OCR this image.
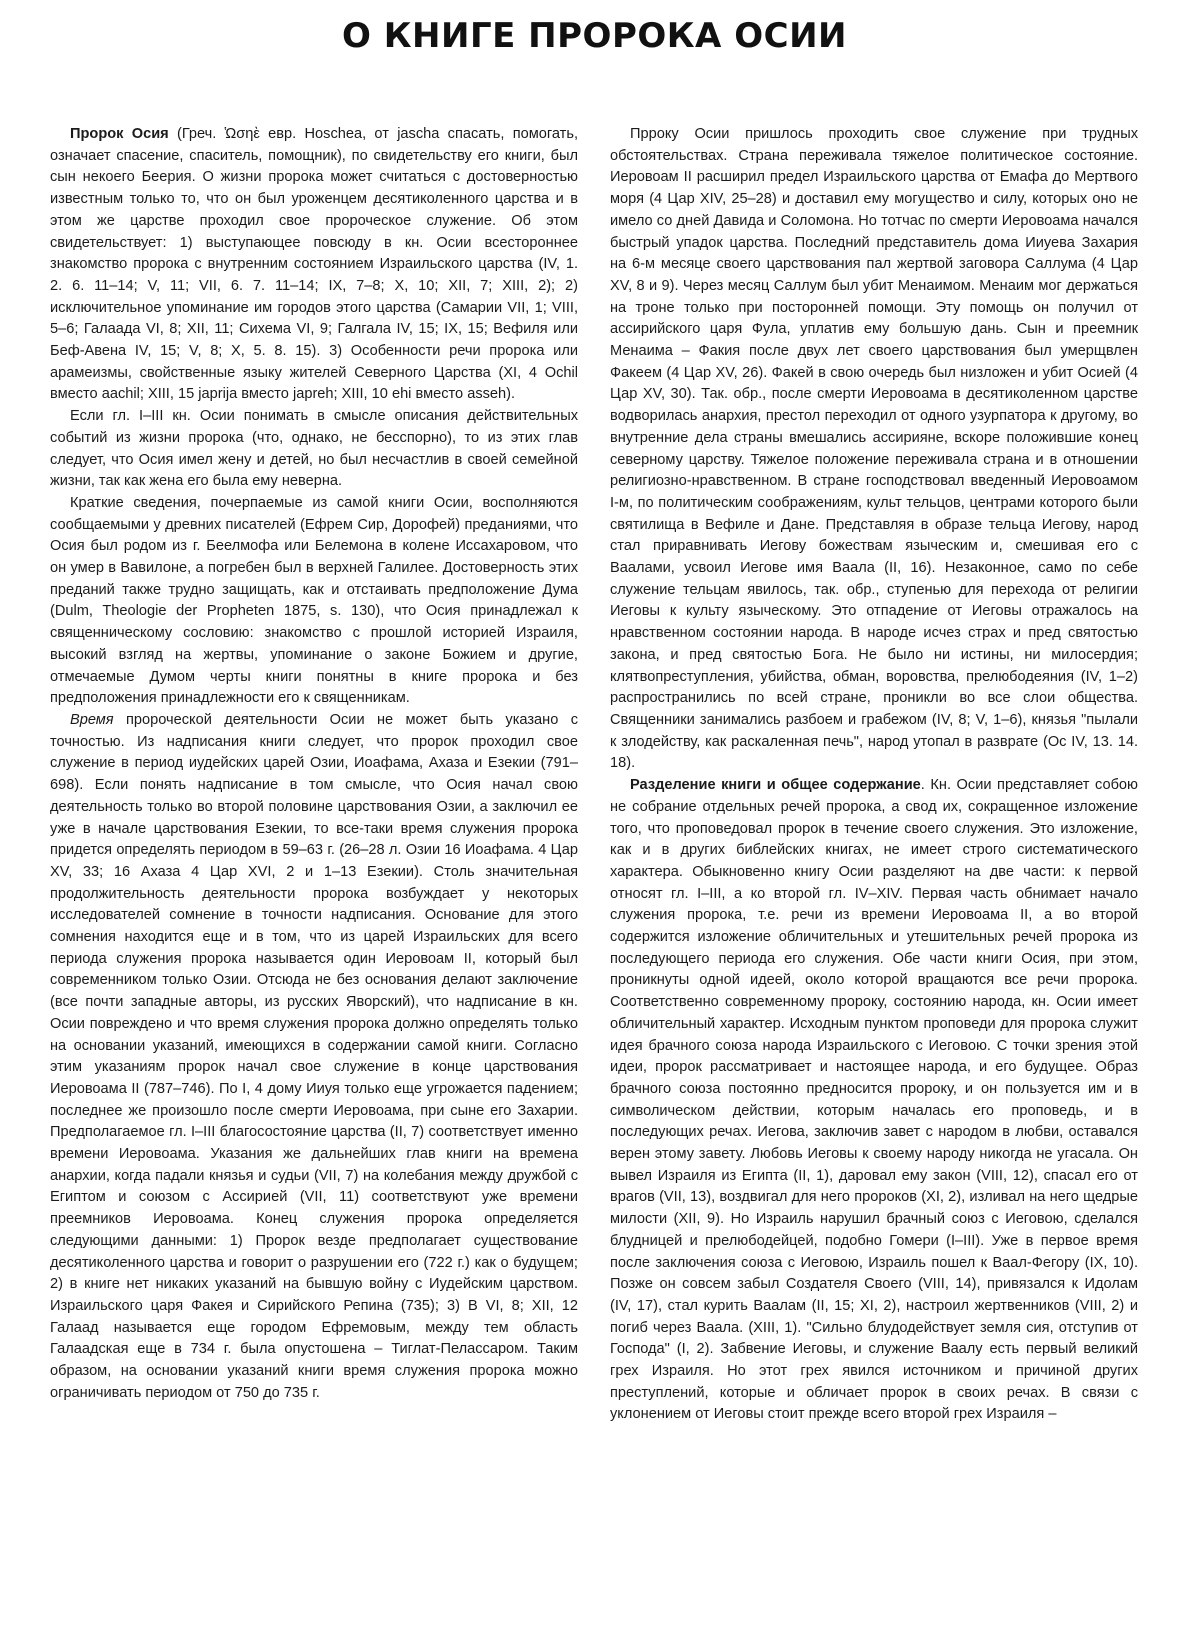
О КНИГЕ ПРОРОКА ОСИИ

Пророк Осия (Греч. Ὡσηὲ евр. Hoschea, от jascha спасать, помогать, означает спасение, спаситель, помощник), по свидетельству его книги, был сын некоего Беерия. О жизни пророка может считаться с достоверностью известным только то, что он был уроженцем десятиколенного царства и в этом же царстве проходил свое пророческое служение. Об этом свидетельствует: 1) выступающее повсюду в кн. Осии всестороннее знакомство пророка с внутренним состоянием Израильского царства (IV, 1. 2. 6. 11–14; V, 11; VII, 6. 7. 11–14; IX, 7–8; X, 10; XII, 7; XIII, 2); 2) исключительное упоминание им городов этого царства (Самарии VII, 1; VIII, 5–6; Галаада VI, 8; XII, 11; Сихема VI, 9; Галгала IV, 15; IX, 15; Вефиля или Беф-Авена IV, 15; V, 8; X, 5. 8. 15). 3) Особенности речи пророка или арамеизмы, свойственные языку жителей Северного Царства (XI, 4 Ochil вместо aachil; XIII, 15 japrija вместо japreh; XIII, 10 ehi вместо asseh).

Если гл. I–III кн. Осии понимать в смысле описания действительных событий из жизни пророка (что, однако, не бесспорно), то из этих глав следует, что Осия имел жену и детей, но был несчастлив в своей семейной жизни, так как жена его была ему неверна.

Краткие сведения, почерпаемые из самой книги Осии, восполняются сообщаемыми у древних писателей (Ефрем Сир, Дорофей) преданиями, что Осия был родом из г. Беелмофа или Белемона в колене Иссахаровом, что он умер в Вавилоне, а погребен был в верхней Галилее. Достоверность этих преданий также трудно защищать, как и отстаивать предположение Дума (Dulm, Theologie der Propheten 1875, s. 130), что Осия принадлежал к священническому сословию: знакомство с прошлой историей Израиля, высокий взгляд на жертвы, упоминание о законе Божием и другие, отмечаемые Думом черты книги понятны в книге пророка и без предположения принадлежности его к священникам.

Время пророческой деятельности Осии не может быть указано с точностью. Из надписания книги следует, что пророк проходил свое служение в период иудейских царей Озии, Иоафама, Ахаза и Езекии (791–698). Если понять надписание в том смысле, что Осия начал свою деятельность только во второй половине царствования Озии, а заключил ее уже в начале царствования Езекии, то все-таки время служения пророка придется определять периодом в 59–63 г. (26–28 л. Озии 16 Иоафама. 4 Цар XV, 33; 16 Ахаза 4 Цар XVI, 2 и 1–13 Езекии). Столь значительная продолжительность деятельности пророка возбуждает у некоторых исследователей сомнение в точности надписания. Основание для этого сомнения находится еще и в том, что из царей Израильских для всего периода служения пророка называется один Иеровоам II, который был современником только Озии. Отсюда не без основания делают заключение (все почти западные авторы, из русских Яворский), что надписание в кн. Осии повреждено и что время служения пророка должно определять только на основании указаний, имеющихся в содержании самой книги. Согласно этим указаниям пророк начал свое служение в конце царствования Иеровоама II (787–746). По I, 4 дому Ииуя только еще угрожается падением; последнее же произошло после смерти Иеровоама, при сыне его Захарии. Предполагаемое гл. I–III благосостояние царства (II, 7) соответствует именно времени Иеровоама. Указания же дальнейших глав книги на времена анархии, когда падали князья и судьи (VII, 7) на колебания между дружбой с Египтом и союзом с Ассирией (VII, 11) соответствуют уже времени преемников Иеровоама. Конец служения пророка определяется следующими данными: 1) Пророк везде предполагает существование десятиколенного царства и говорит о разрушении его (722 г.) как о будущем; 2) в книге нет никаких указаний на бывшую войну с Иудейским царством. Израильского царя Факея и Сирийского Репина (735); 3) В VI, 8; XII, 12 Галаад называется еще городом Ефремовым, между тем область Галаадская еще в 734 г. была опустошена – Тиглат-Пелассаром. Таким образом, на основании указаний книги время служения пророка можно ограничивать периодом от 750 до 735 г.

Прроку Осии пришлось проходить свое служение при трудных обстоятельствах. Страна переживала тяжелое политическое состояние. Иеровоам II расширил предел Израильского царства от Емафа до Мертвого моря (4 Цар XIV, 25–28) и доставил ему могущество и силу, которых оно не имело со дней Давида и Соломона. Но тотчас по смерти Иеровоама начался быстрый упадок царства. Последний представитель дома Ииуева Захария на 6-м месяце своего царствования пал жертвой заговора Саллума (4 Цар XV, 8 и 9). Через месяц Саллум был убит Менаимом. Менаим мог держаться на троне только при посторонней помощи. Эту помощь он получил от ассирийского царя Фула, уплатив ему большую дань. Сын и преемник Менаима – Факия после двух лет своего царствования был умерщвлен Факеем (4 Цар XV, 26). Факей в свою очередь был низложен и убит Осией (4 Цар XV, 30). Так. обр., после смерти Иеровоама в десятиколенном царстве водворилась анархия, престол переходил от одного узурпатора к другому, во внутренние дела страны вмешались ассирияне, вскоре положившие конец северному царству. Тяжелое положение переживала страна и в отношении религиозно-нравственном. В стране господствовал введенный Иеровоамом I-м, по политическим соображениям, культ тельцов, центрами которого были святилища в Вефиле и Дане. Представляя в образе тельца Иегову, народ стал приравнивать Иегову божествам языческим и, смешивая его с Ваалами, усвоил Иегове имя Ваала (II, 16). Незаконное, само по себе служение тельцам явилось, так. обр., ступенью для перехода от религии Иеговы к культу языческому. Это отпадение от Иеговы отражалось на нравственном состоянии народа. В народе исчез страх и пред святостью закона, и пред святостью Бога. Не было ни истины, ни милосердия; клятвопреступления, убийства, обман, воровства, прелюбодеяния (IV, 1–2) распространились по всей стране, проникли во все слои общества. Священники занимались разбоем и грабежом (IV, 8; V, 1–6), князья "пылали к злодейству, как раскаленная печь", народ утопал в разврате (Ос IV, 13. 14. 18).

Разделение книги и общее содержание. Кн. Осии представляет собою не собрание отдельных речей пророка, а свод их, сокращенное изложение того, что проповедовал пророк в течение своего служения. Это изложение, как и в других библейских книгах, не имеет строго систематического характера. Обыкновенно книгу Осии разделяют на две части: к первой относят гл. I–III, а ко второй гл. IV–XIV. Первая часть обнимает начало служения пророка, т.е. речи из времени Иеровоама II, а во второй содержится изложение обличительных и утешительных речей пророка из последующего периода его служения. Обе части книги Осия, при этом, проникнуты одной идеей, около которой вращаются все речи пророка. Соответственно современному пророку, состоянию народа, кн. Осии имеет обличительный характер. Исходным пунктом проповеди для пророка служит идея брачного союза народа Израильского с Иеговою. С точки зрения этой идеи, пророк рассматривает и настоящее народа, и его будущее. Образ брачного союза постоянно предносится пророку, и он пользуется им и в символическом действии, которым началась его проповедь, и в последующих речах. Иегова, заключив завет с народом в любви, оставался верен этому завету. Любовь Иеговы к своему народу никогда не угасала. Он вывел Израиля из Египта (II, 1), даровал ему закон (VIII, 12), спасал его от врагов (VII, 13), воздвигал для него пророков (XI, 2), изливал на него щедрые милости (XII, 9). Но Израиль нарушил брачный союз с Иеговою, сделался блудницей и прелюбодейцей, подобно Гомери (I–III). Уже в первое время после заключения союза с Иеговою, Израиль пошел к Ваал-Фегору (IX, 10). Позже он совсем забыл Создателя Своего (VIII, 14), привязался к Идолам (IV, 17), стал курить Ваалам (II, 15; XI, 2), настроил жертвенников (VIII, 2) и погиб через Ваала. (XIII, 1). "Сильно блудодействует земля сия, отступив от Господа" (I, 2). Забвение Иеговы, и служение Ваалу есть первый великий грех Израиля. Но этот грех явился источником и причиной других преступлений, которые и обличает пророк в своих речах. В связи с уклонением от Иеговы стоит прежде всего второй грех Израиля –
